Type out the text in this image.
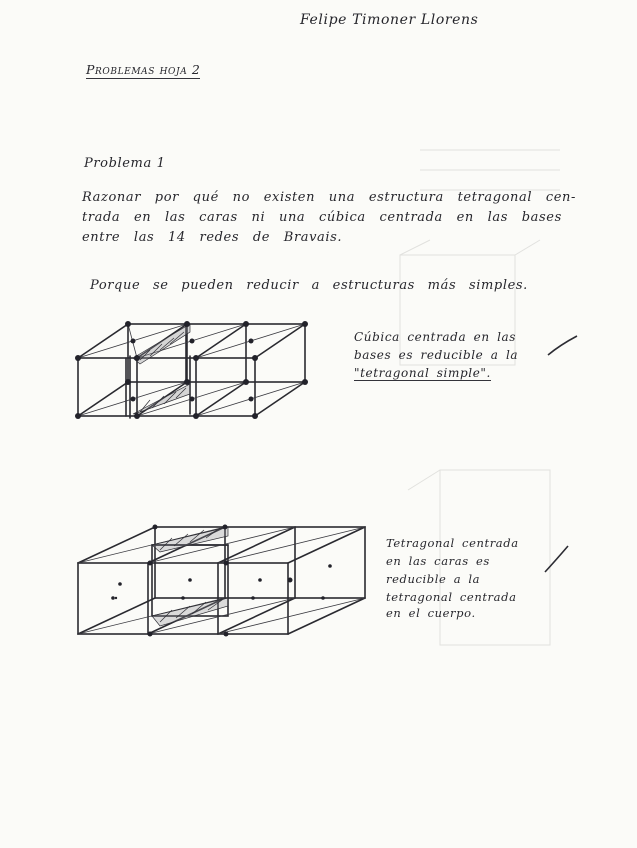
Felipe Timoner Llorens
Problemas hoja 2
Problema 1
Razonar por qué no existen una estructura tetragonal cen-
trada en las caras ni una cúbica centrada en las bases
entre las 14 redes de Bravais.
Porque se pueden reducir a estructuras más simples.
Cúbica centrada en las
bases es reducible a la
"tetragonal simple".
Tetragonal centrada
en las caras es
reducible a la
tetragonal centrada
en el cuerpo.
